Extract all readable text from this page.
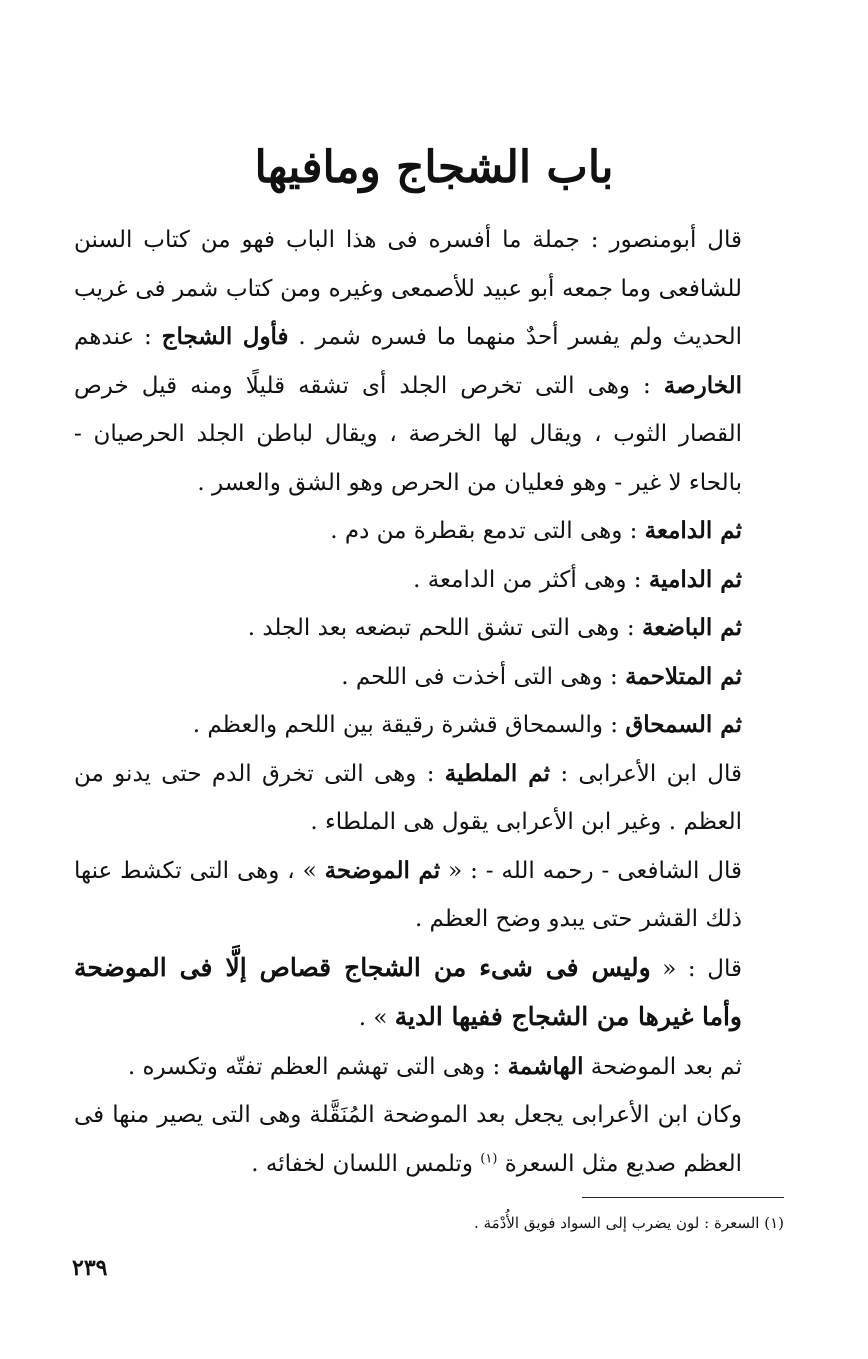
باب الشجاج ومافيها

قال أبومنصور : جملة ما أفسره فى هذا الباب فهو من كتاب السنن للشافعى وما جمعه أبو عبيد للأصمعى وغيره ومن كتاب شمر فى غريب الحديث ولم يفسر أحدٌ منهما ما فسره شمر . فأول الشجاج : عندهم الخارصة : وهى التى تخرص الجلد أى تشقه قليلًا ومنه قيل خرص القصار الثوب ، ويقال لها الخرصة ، ويقال لباطن الجلد الحرصيان - بالحاء لا غير - وهو فعليان من الحرص وهو الشق والعسر .

ثم الدامعة : وهى التى تدمع بقطرة من دم .

ثم الدامية : وهى أكثر من الدامعة .

ثم الباضعة : وهى التى تشق اللحم تبضعه بعد الجلد .

ثم المتلاحمة : وهى التى أخذت فى اللحم .

ثم السمحاق : والسمحاق قشرة رقيقة بين اللحم والعظم .

قال ابن الأعرابى : ثم الملطية : وهى التى تخرق الدم حتى يدنو من العظم . وغير ابن الأعرابى يقول هى الملطاء .

قال الشافعى - رحمه الله - : « ثم الموضحة » ، وهى التى تكشط عنها ذلك القشر حتى يبدو وضح العظم .

قال : « وليس فى شىء من الشجاج قصاص إلَّا فى الموضحة وأما غيرها من الشجاج ففيها الدية » .

ثم بعد الموضحة الهاشمة : وهى التى تهشم العظم تفتّه وتكسره .

وكان ابن الأعرابى يجعل بعد الموضحة المُنَقَّلة وهى التى يصير منها فى العظم صديع مثل السعرة $^{(١)}$ وتلمس اللسان لخفائه .

(١) السعرة : لون يضرب إلى السواد فويق الأُدْمَة .

٢٣٩
